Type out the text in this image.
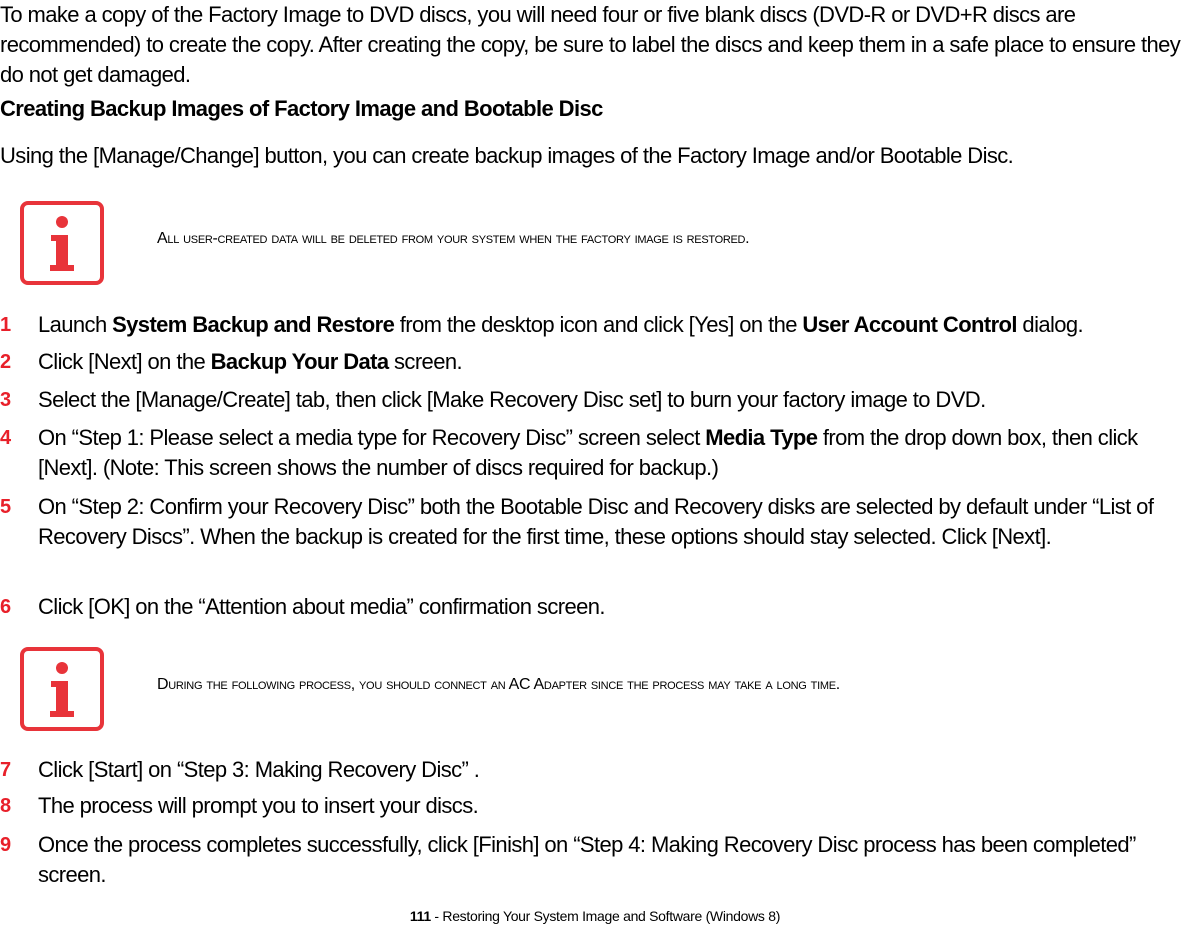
To make a copy of the Factory Image to DVD discs, you will need four or five blank discs (DVD-R or DVD+R discs are recommended) to create the copy. After creating the copy, be sure to label the discs and keep them in a safe place to ensure they do not get damaged.
Creating Backup Images of Factory Image and Bootable Disc
Using the [Manage/Change] button, you can create backup images of the Factory Image and/or Bootable Disc.
All user-created data will be deleted from your system when the factory image is restored.
1 Launch System Backup and Restore from the desktop icon and click [Yes] on the User Account Control dialog.
2 Click [Next] on the Backup Your Data screen.
3 Select the [Manage/Create] tab, then click [Make Recovery Disc set] to burn your factory image to DVD.
4 On “Step 1: Please select a media type for Recovery Disc” screen select Media Type from the drop down box, then click [Next]. (Note: This screen shows the number of discs required for backup.)
5 On “Step 2: Confirm your Recovery Disc” both the Bootable Disc and Recovery disks are selected by default under “List of Recovery Discs”. When the backup is created for the first time, these options should stay selected. Click [Next].
6 Click [OK] on the “Attention about media” confirmation screen.
During the following process, you should connect an AC Adapter since the process may take a long time.
7 Click [Start] on “Step 3: Making Recovery Disc” .
8 The process will prompt you to insert your discs.
9 Once the process completes successfully, click [Finish] on “Step 4: Making Recovery Disc process has been completed” screen.
111 - Restoring Your System Image and Software (Windows 8)
